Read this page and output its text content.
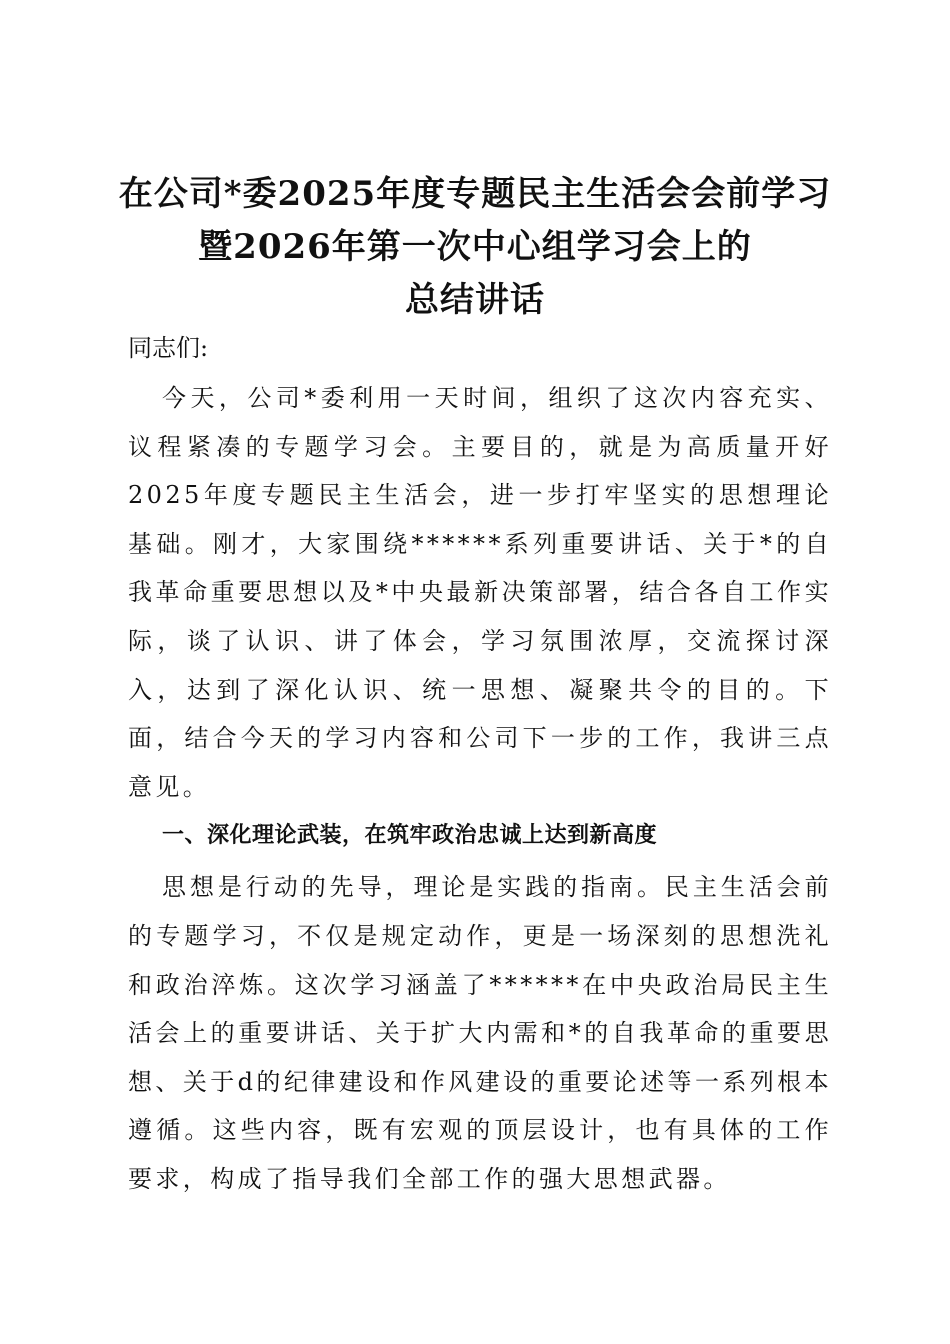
在公司*委2025年度专题民主生活会会前学习
暨2026年第一次中心组学习会上的
总结讲话

同志们:

今天，公司*委利用一天时间，组织了这次内容充实、议程紧凑的专题学习会。主要目的，就是为高质量开好2025年度专题民主生活会，进一步打牢坚实的思想理论基础。刚才，大家围绕******系列重要讲话、关于*的自我革命重要思想以及*中央最新决策部署，结合各自工作实际，谈了认识、讲了体会，学习氛围浓厚，交流探讨深入，达到了深化认识、统一思想、凝聚共令的目的。下面，结合今天的学习内容和公司下一步的工作，我讲三点意见。

一、深化理论武装，在筑牢政治忠诚上达到新高度

思想是行动的先导，理论是实践的指南。民主生活会前的专题学习，不仅是规定动作，更是一场深刻的思想洗礼和政治淬炼。这次学习涵盖了******在中央政治局民主生活会上的重要讲话、关于扩大内需和*的自我革命的重要思想、关于d的纪律建设和作风建设的重要论述等一系列根本遵循。这些内容，既有宏观的顶层设计，也有具体的工作要求，构成了指导我们全部工作的强大思想武器。
